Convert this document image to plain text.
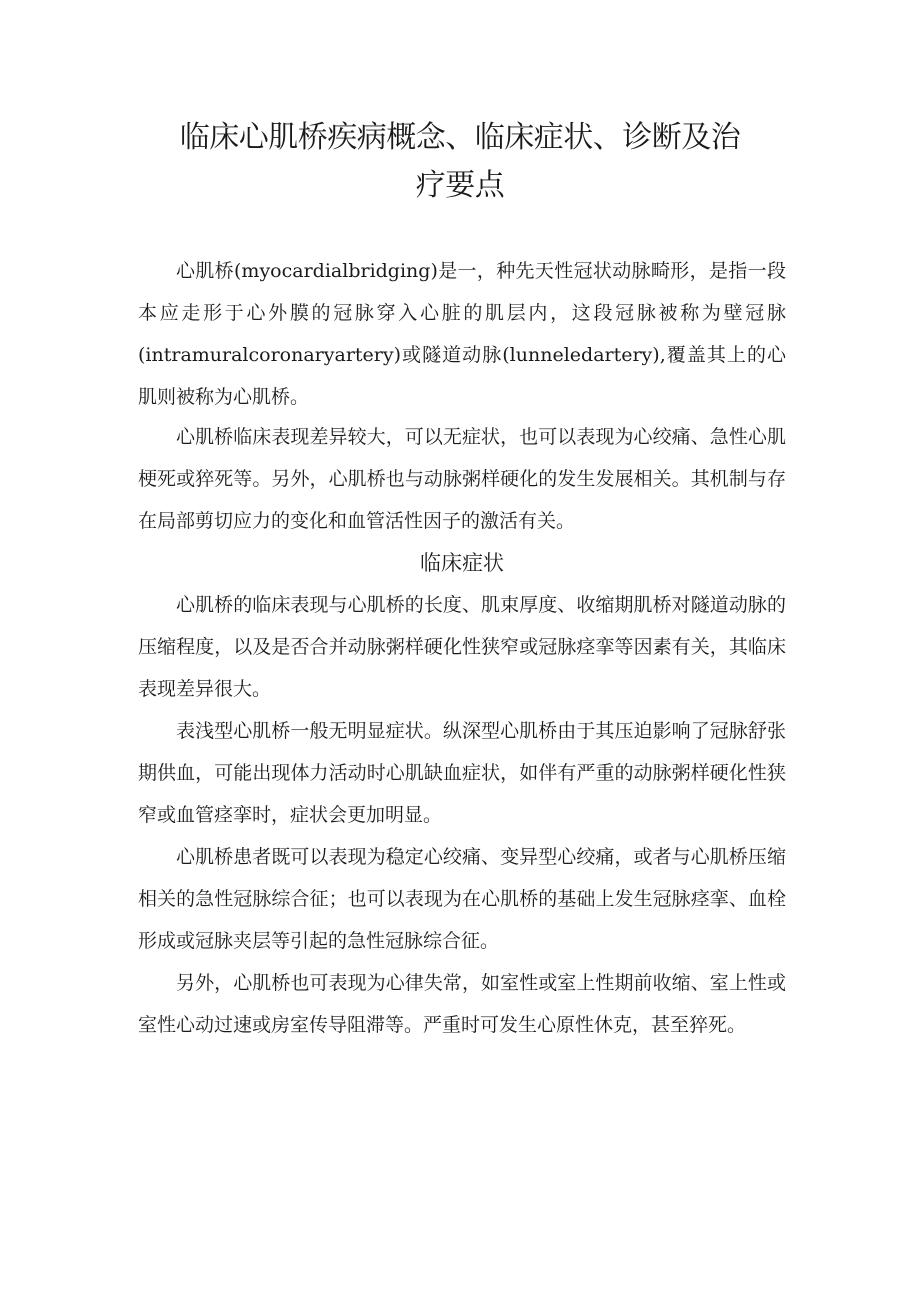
临床心肌桥疾病概念、临床症状、诊断及治
疗要点

心肌桥(myocardialbridging)是一，种先天性冠状动脉畸形，是指一段本应走形于心外膜的冠脉穿入心脏的肌层内，这段冠脉被称为壁冠脉(intramuralcoronaryartery)或隧道动脉(lunneledartery),覆盖其上的心肌则被称为心肌桥。

心肌桥临床表现差异较大，可以无症状，也可以表现为心绞痛、急性心肌梗死或猝死等。另外，心肌桥也与动脉粥样硬化的发生发展相关。其机制与存在局部剪切应力的变化和血管活性因子的激活有关。

临床症状

心肌桥的临床表现与心肌桥的长度、肌束厚度、收缩期肌桥对隧道动脉的压缩程度，以及是否合并动脉粥样硬化性狭窄或冠脉痉挛等因素有关，其临床表现差异很大。

表浅型心肌桥一般无明显症状。纵深型心肌桥由于其压迫影响了冠脉舒张期供血，可能出现体力活动时心肌缺血症状，如伴有严重的动脉粥样硬化性狭窄或血管痉挛时，症状会更加明显。

心肌桥患者既可以表现为稳定心绞痛、变异型心绞痛，或者与心肌桥压缩相关的急性冠脉综合征；也可以表现为在心肌桥的基础上发生冠脉痉挛、血栓形成或冠脉夹层等引起的急性冠脉综合征。

另外，心肌桥也可表现为心律失常，如室性或室上性期前收缩、室上性或室性心动过速或房室传导阻滞等。严重时可发生心原性休克，甚至猝死。
